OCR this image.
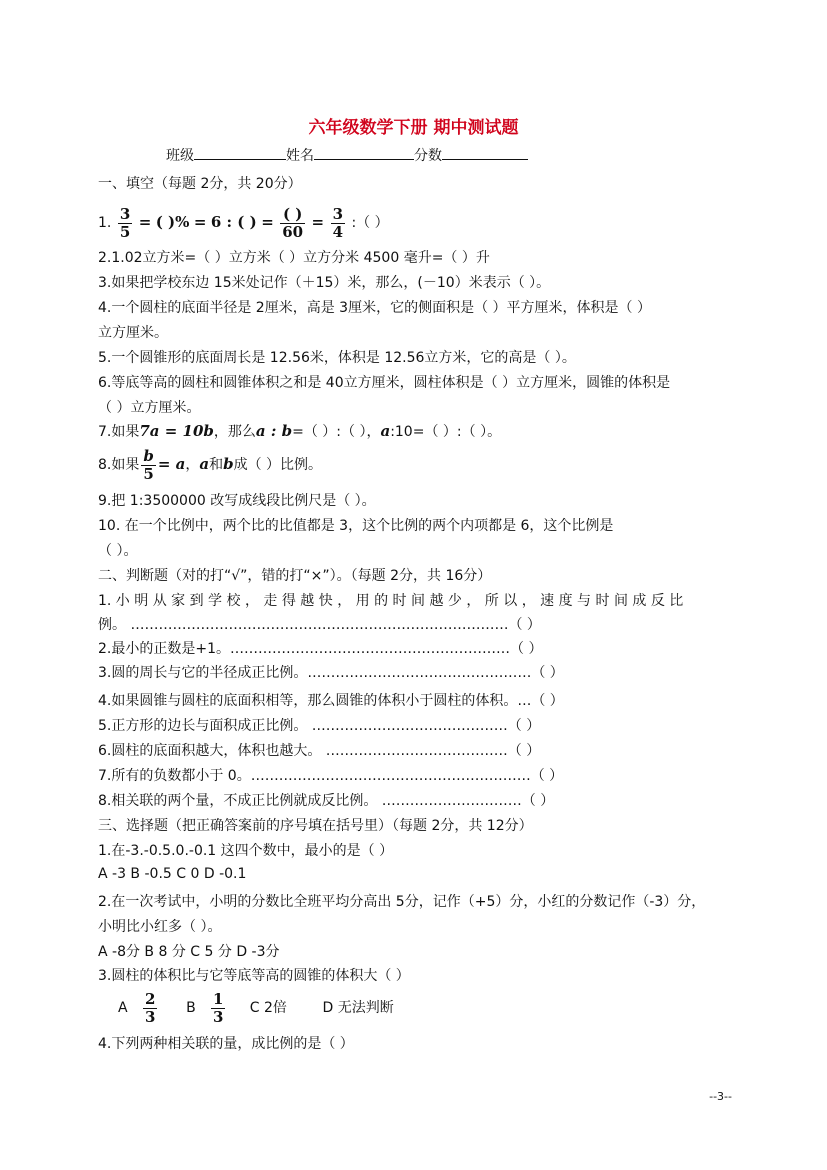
六年级数学下册 期中测试题
班级	姓名	分数
一、填空（每题 2分，共 20分）
1. $\frac{3}{5}$ = ( )% = 6 : ( ) = $\frac{( )}{60} = \frac{3}{4}$ :（ ）
2.1.02立方米=（ ）立方米（ ）立方分米 4500 毫升=（ ）升
3.如果把学校东边 15米处记作（＋15）米，那么，(－10）米表示（ ）。
4.一个圆柱的底面半径是 2厘米，高是 3厘米，它的侧面积是（ ）平方厘米，体积是（ ）
立方厘米。
5.一个圆锥形的底面周长是 12.56米，体积是 12.56立方米，它的高是（ ）。
6.等底等高的圆柱和圆锥体积之和是 40立方厘米，圆柱体积是（ ）立方厘米，圆锥的体积是
（ ）立方厘米。
7.如果7a = 10b，那么a : b=（ ）:（ ），a:10=（ ）:（ ）。
8.如果 $\frac{b}{5} = a$，a和b成（ ）比例。
9.把 1:3500000 改写成线段比例尺是（ ）。
10. 在一个比例中，两个比的比值都是 3，这个比例的两个内项都是 6，这个比例是
（ ）。
二、判断题（对的打“√”，错的打“×”）。（每题 2分，共 16分）
1. 小 明 从 家 到 学 校 ， 走 得 越 快 ， 用 的 时 间 越 少 ， 所 以 ， 速 度 与 时 间 成 反 比
例。 ………………………………………………………………………（ ）
2.最小的正数是+1。……………………………………………………（ ）
3.圆的周长与它的半径成正比例。…………………………………………（ ）
4.如果圆锥与圆柱的底面积相等，那么圆锥的体积小于圆柱的体积。…（ ）
5.正方形的边长与面积成正比例。 ……………………………………（ ）
6.圆柱的底面积越大，体积也越大。 …………………………………（ ）
7.所有的负数都小于 0。……………………………………………………（ ）
8.相关联的两个量，不成正比例就成反比例。 …………………………（ ）
三、选择题（把正确答案前的序号填在括号里）（每题 2分，共 12分）
1.在-3.-0.5.0.-0.1 这四个数中，最小的是（ ）
A -3 B -0.5 C 0 D -0.1
2.在一次考试中，小明的分数比全班平均分高出 5分，记作（+5）分，小红的分数记作（-3）分，
小明比小红多（ ）。
A -8分 B 8 分 C 5 分 D -3分
3.圆柱的体积比与它等底等高的圆锥的体积大（ ）
A $\frac{2}{3}$ B $\frac{1}{3}$ C 2倍	D 无法判断
4.下列两种相关联的量，成比例的是（ ）
--3--
